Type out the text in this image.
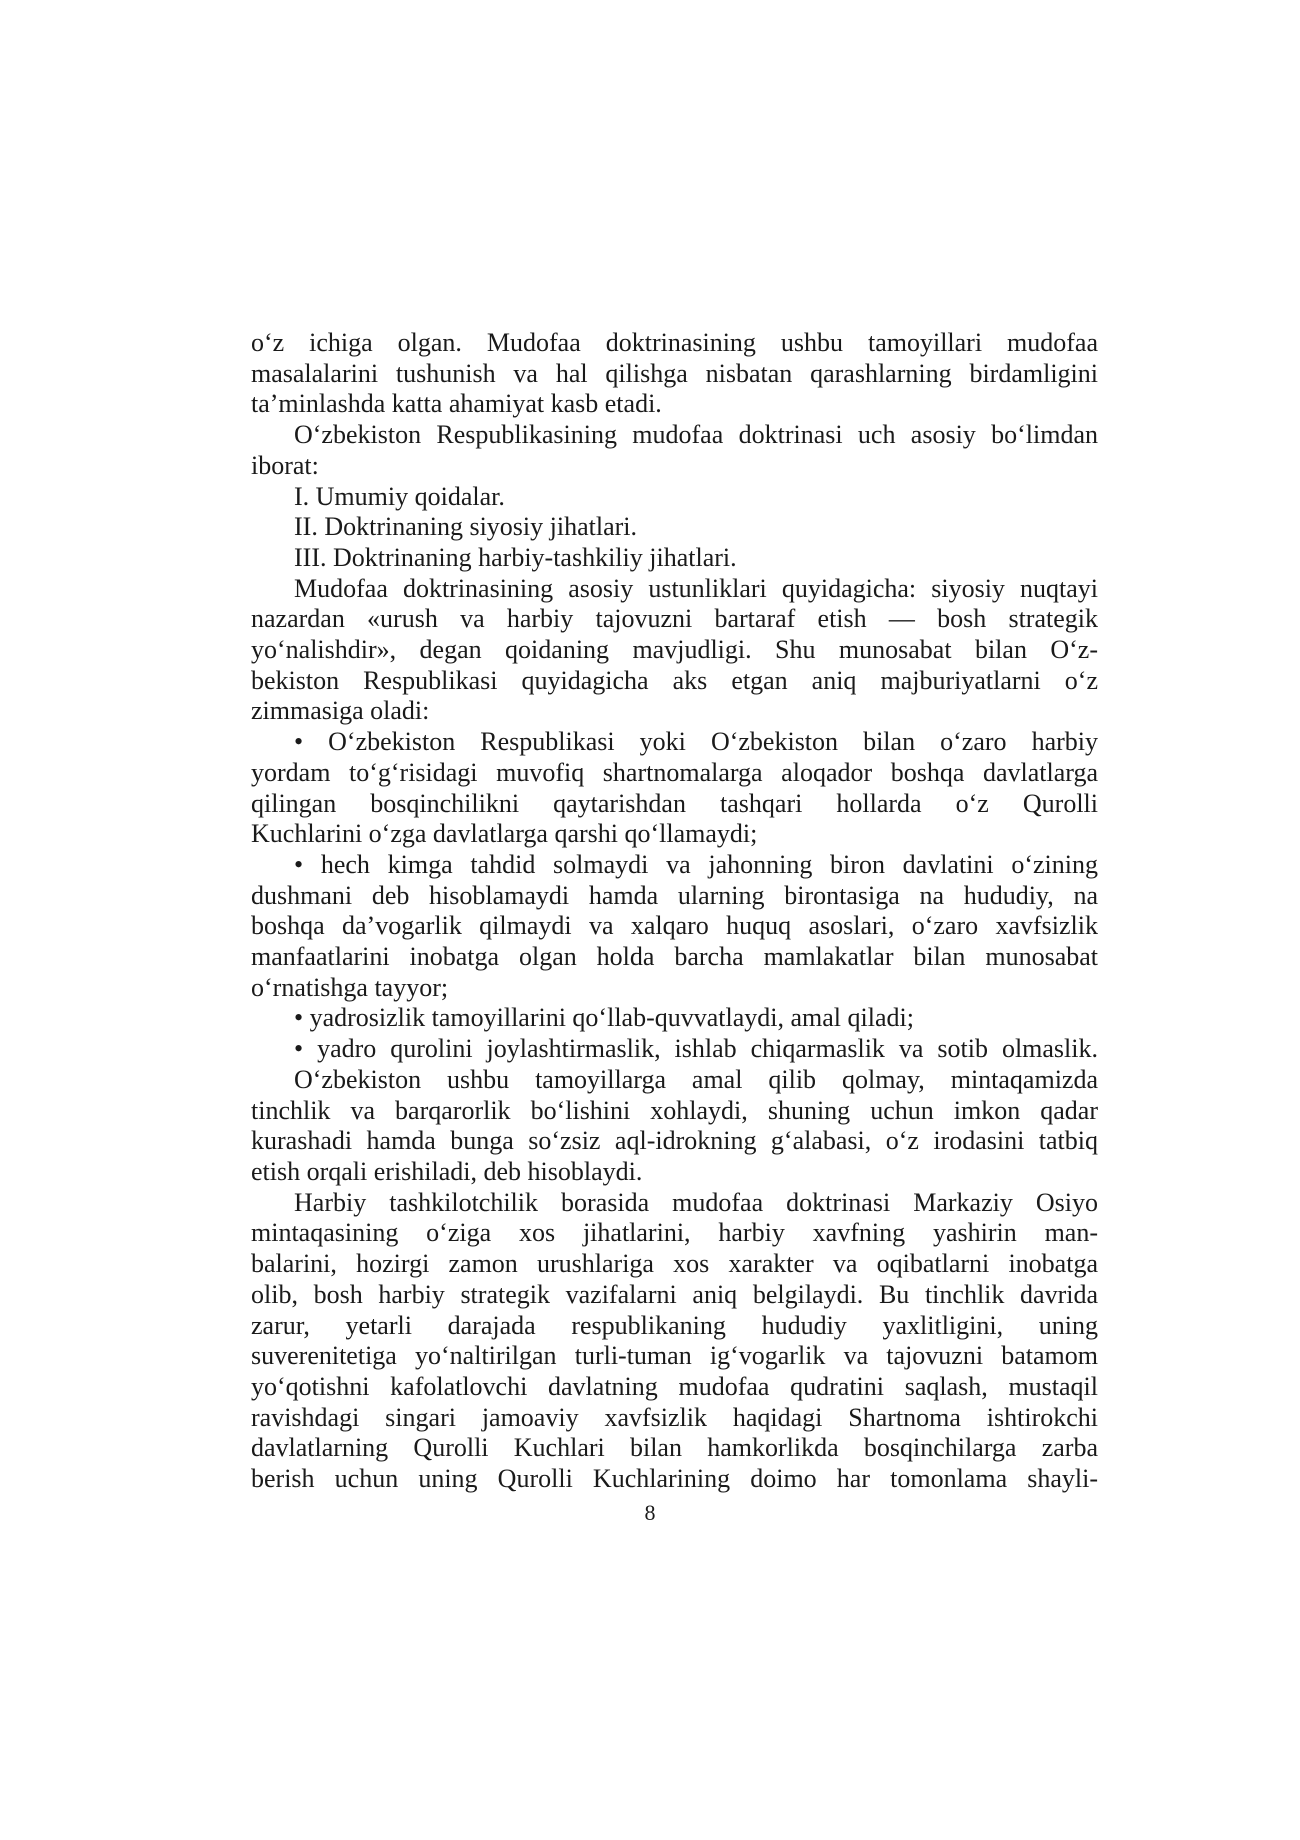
o‘z ichiga olgan. Mudofaa doktrinasining ushbu tamoyillari mudofaa
masalalarini tushunish va hal qilishga nisbatan qarashlarning birdamligini
ta’minlashda katta ahamiyat kasb etadi.
O‘zbekiston Respublikasining mudofaa doktrinasi uch asosiy bo‘limdan
iborat:
I. Umumiy qoidalar.
II. Doktrinaning siyosiy jihatlari.
III. Doktrinaning harbiy-tashkiliy jihatlari.
Mudofaa doktrinasining asosiy ustunliklari quyidagicha: siyosiy nuqtayi
nazardan «urush va harbiy tajovuzni bartaraf etish — bosh strategik
yo‘nalishdir», degan qoidaning mavjudligi. Shu munosabat bilan O‘z-
bekiston Respublikasi quyidagicha aks etgan aniq majburiyatlarni o‘z
zimmasiga oladi:
• O‘zbekiston Respublikasi yoki O‘zbekiston bilan o‘zaro harbiy
yordam to‘g‘risidagi muvofiq shartnomalarga aloqador boshqa davlatlarga
qilingan bosqinchilikni qaytarishdan tashqari hollarda o‘z Qurolli
Kuchlarini o‘zga davlatlarga qarshi qo‘llamaydi;
• hech kimga tahdid solmaydi va jahonning biron davlatini o‘zining
dushmani deb hisoblamaydi hamda ularning birontasiga na hududiy, na
boshqa da’vogarlik qilmaydi va xalqaro huquq asoslari, o‘zaro xavfsizlik
manfaatlarini inobatga olgan holda barcha mamlakatlar bilan munosabat
o‘rnatishga tayyor;
• yadrosizlik tamoyillarini qo‘llab-quvvatlaydi, amal qiladi;
• yadro qurolini joylashtirmaslik, ishlab chiqarmaslik va sotib olmaslik.
O‘zbekiston ushbu tamoyillarga amal qilib qolmay, mintaqamizda
tinchlik va barqarorlik bo‘lishini xohlaydi, shuning uchun imkon qadar
kurashadi hamda bunga so‘zsiz aql-idrokning g‘alabasi, o‘z irodasini tatbiq
etish orqali erishiladi, deb hisoblaydi.
Harbiy tashkilotchilik borasida mudofaa doktrinasi Markaziy Osiyo
mintaqasining o‘ziga xos jihatlarini, harbiy xavfning yashirin man-
balarini, hozirgi zamon urushlariga xos xarakter va oqibatlarni inobatga
olib, bosh harbiy strategik vazifalarni aniq belgilaydi. Bu tinchlik davrida
zarur, yetarli darajada respublikaning hududiy yaxlitligini, uning
suverenitetiga yo‘naltirilgan turli-tuman ig‘vogarlik va tajovuzni batamom
yo‘qotishni kafolatlovchi davlatning mudofaa qudratini saqlash, mustaqil
ravishdagi singari jamoaviy xavfsizlik haqidagi Shartnoma ishtirokchi
davlatlarning Qurolli Kuchlari bilan hamkorlikda bosqinchilarga zarba
berish uchun uning Qurolli Kuchlarining doimo har tomonlama shayli-
8
